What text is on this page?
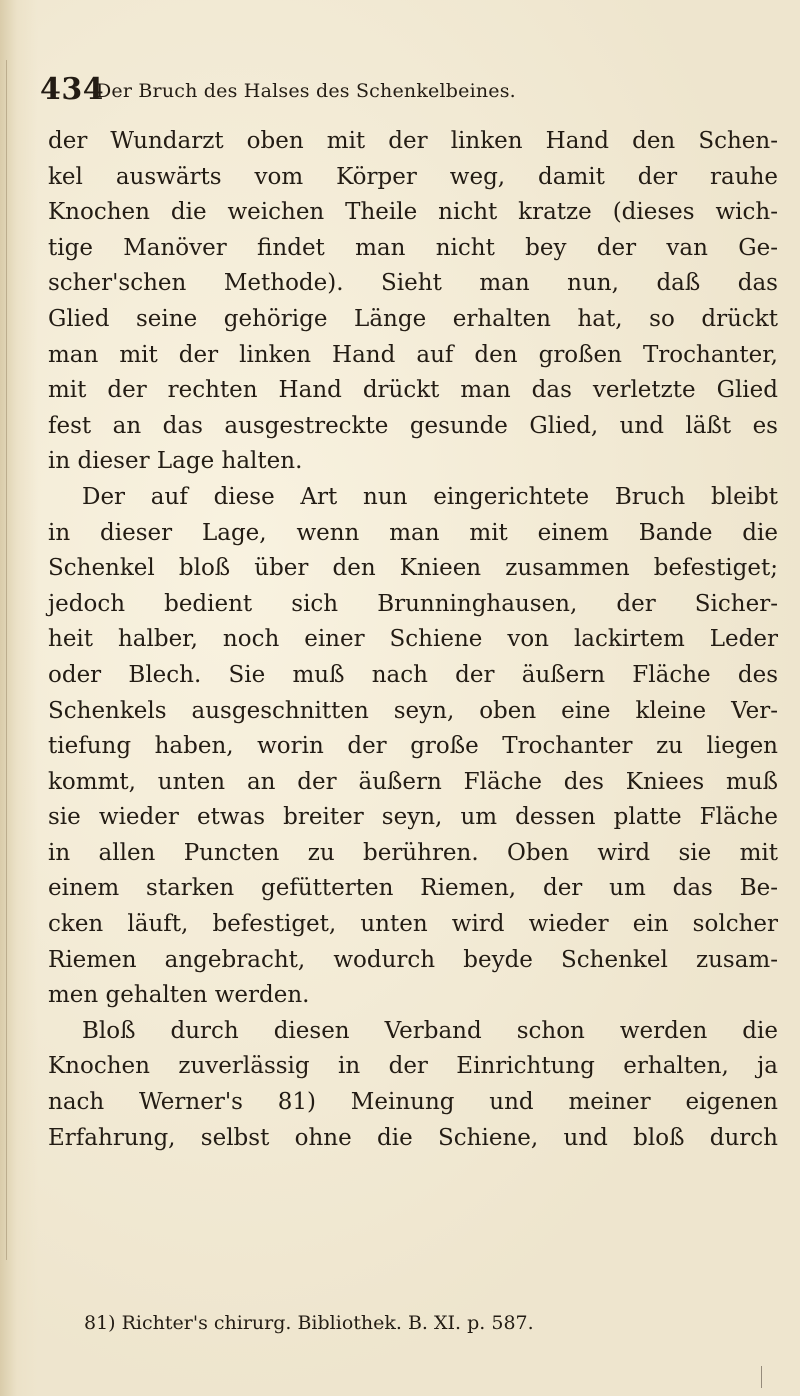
434
Der Bruch des Halses des Schenkelbeines.
der Wundarzt oben mit der linken Hand den Schen-
kel auswärts vom Körper weg, damit der rauhe
Knochen die weichen Theile nicht kratze (dieses wich-
tige Manöver findet man nicht bey der van Ge-
scher'schen Methode). Sieht man nun, daß das
Glied seine gehörige Länge erhalten hat, so drückt
man mit der linken Hand auf den großen Trochanter,
mit der rechten Hand drückt man das verletzte Glied
fest an das ausgestreckte gesunde Glied, und läßt es
in dieser Lage halten.
Der auf diese Art nun eingerichtete Bruch bleibt
in dieser Lage, wenn man mit einem Bande die
Schenkel bloß über den Knieen zusammen befestiget;
jedoch bedient sich Brunninghausen, der Sicher-
heit halber, noch einer Schiene von lackirtem Leder
oder Blech. Sie muß nach der äußern Fläche des
Schenkels ausgeschnitten seyn, oben eine kleine Ver-
tiefung haben, worin der große Trochanter zu liegen
kommt, unten an der äußern Fläche des Kniees muß
sie wieder etwas breiter seyn, um dessen platte Fläche
in allen Puncten zu berühren. Oben wird sie mit
einem starken gefütterten Riemen, der um das Be-
cken läuft, befestiget, unten wird wieder ein solcher
Riemen angebracht, wodurch beyde Schenkel zusam-
men gehalten werden.
Bloß durch diesen Verband schon werden die
Knochen zuverlässig in der Einrichtung erhalten, ja
nach Werner's 81) Meinung und meiner eigenen
Erfahrung, selbst ohne die Schiene, und bloß durch
81) Richter's chirurg. Bibliothek. B. XI. p. 587.
